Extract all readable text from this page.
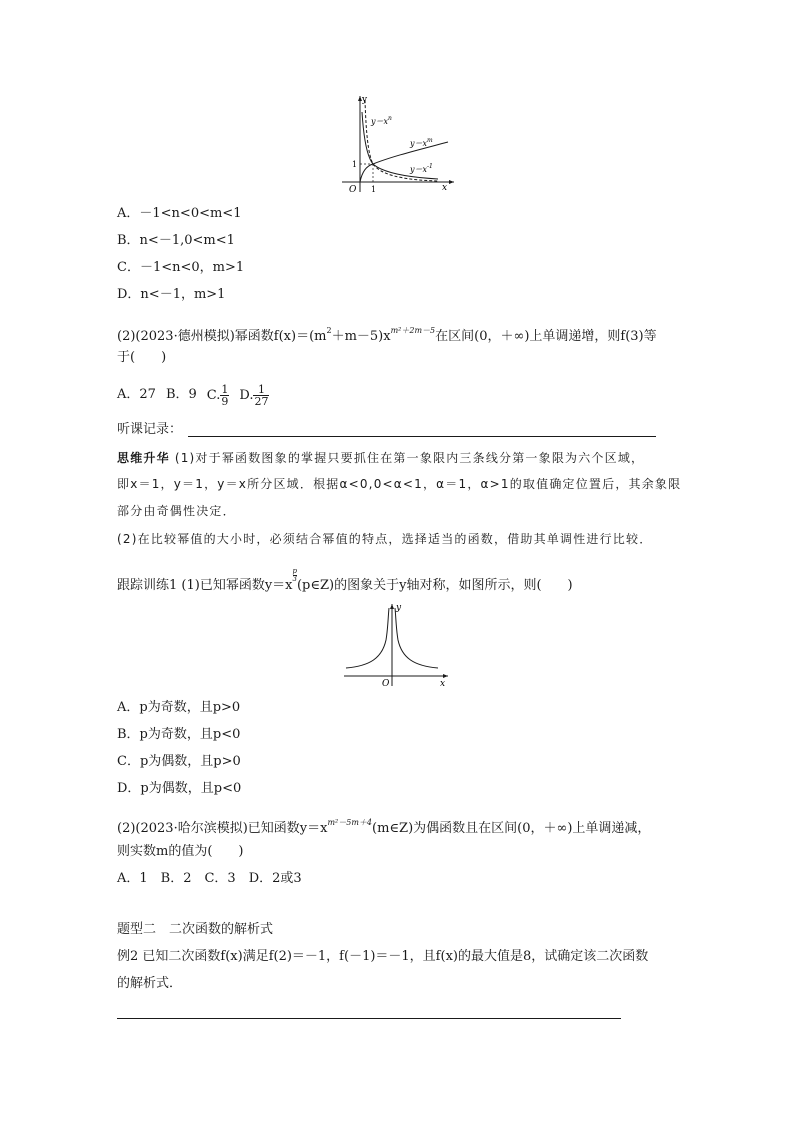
y
x
O 1
1
$y=x^n$
$y=x^m$
$y=x^{-1}$
A．－1<n<0<m<1
B．n<－1,0<m<1
C．－1<n<0，m>1
D．n<－1，m>1
(2)(2023·德州模拟)幂函数$f(x)=(m^2+m-5)x^{m^2+2m-5}$在区间(0，＋∞)上单调递增，则f(3)等
于(　　)
A．27 B．9 C. $\frac{1}{9} D$. $\frac{1}{27}$
听课记录：
思维升华 (1)对于幂函数图象的掌握只要抓住在第一象限内三条线分第一象限为六个区域，
即x＝1，y＝1，y＝x所分区域．根据α<0,0<α<1，α＝1，α>1的取值确定位置后，其余象限
部分由奇偶性决定．
(2)在比较幂值的大小时，必须结合幂值的特点，选择适当的函数，借助其单调性进行比较．
跟踪训练1 (1)已知幂函数y＝x
p
3 (p∈Z)的图象关于y轴对称，如图所示，则(　　)
y
x
O
A．p为奇数，且p>0
B．p为奇数，且p<0
C．p为偶数，且p>0
D．p为偶数，且p<0
(2)(2023·哈尔滨模拟)已知函数$y=x^{m^2-5m+4}(m\in Z)$为偶函数且在区间(0，＋∞)上单调递减，
则实数m的值为(　　)
A．1　B．2　C．3　D．2或3
题型二　二次函数的解析式
例2 已知二次函数f(x)满足f(2)＝－1，f(－1)＝－1，且f(x)的最大值是8，试确定该二次函数
的解析式．
